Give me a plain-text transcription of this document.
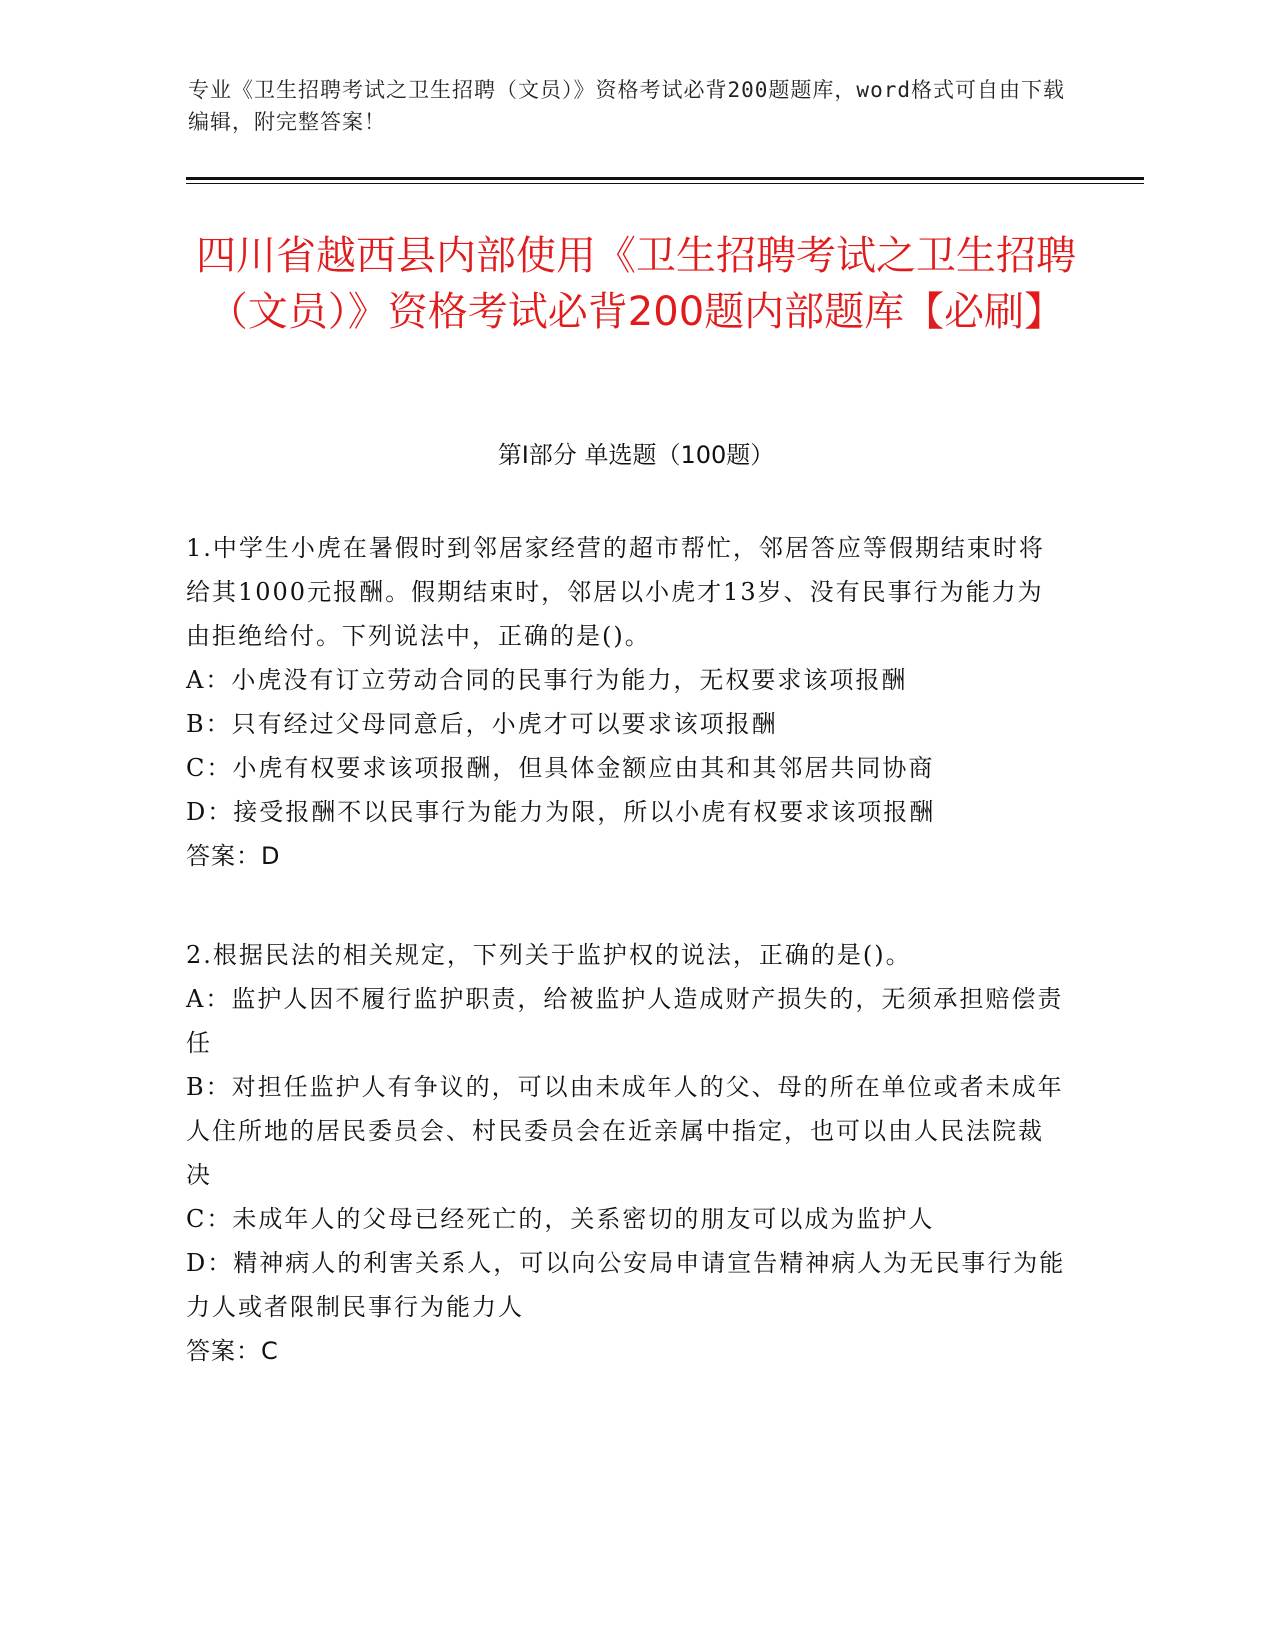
专业《卫生招聘考试之卫生招聘（文员）》资格考试必背200题题库，word格式可自由下载编辑，附完整答案！
四川省越西县内部使用《卫生招聘考试之卫生招聘（文员）》资格考试必背200题内部题库【必刷】
第I部分 单选题（100题）

1.中学生小虎在暑假时到邻居家经营的超市帮忙，邻居答应等假期结束时将给其1000元报酬。假期结束时，邻居以小虎才13岁、没有民事行为能力为由拒绝给付。下列说法中，正确的是()。

A：小虎没有订立劳动合同的民事行为能力，无权要求该项报酬

B：只有经过父母同意后，小虎才可以要求该项报酬

C：小虎有权要求该项报酬，但具体金额应由其和其邻居共同协商

D：接受报酬不以民事行为能力为限，所以小虎有权要求该项报酬

答案：D

2.根据民法的相关规定，下列关于监护权的说法，正确的是()。

A：监护人因不履行监护职责，给被监护人造成财产损失的，无须承担赔偿责任

B：对担任监护人有争议的，可以由未成年人的父、母的所在单位或者未成年人住所地的居民委员会、村民委员会在近亲属中指定，也可以由人民法院裁决

C：未成年人的父母已经死亡的，关系密切的朋友可以成为监护人

D：精神病人的利害关系人，可以向公安局申请宣告精神病人为无民事行为能力人或者限制民事行为能力人

答案：C
